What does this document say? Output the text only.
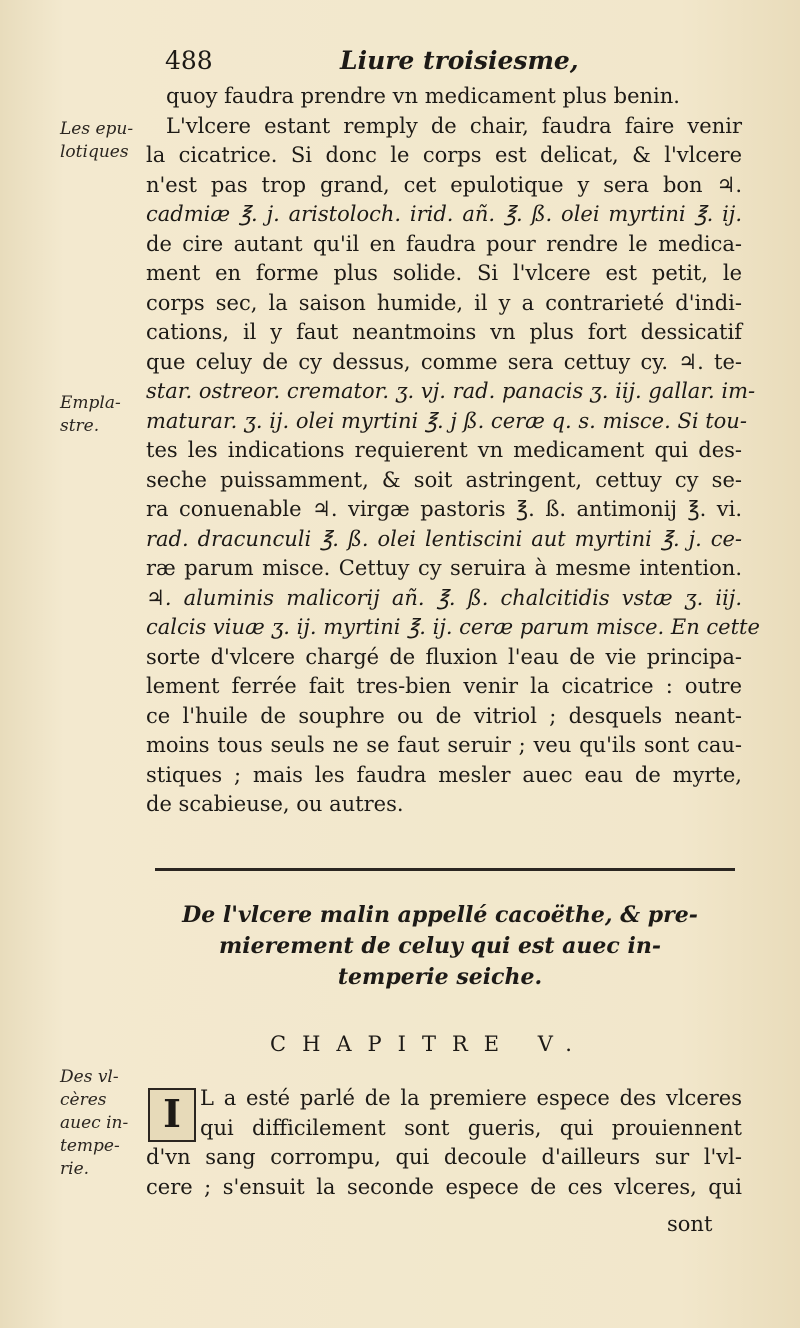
488	Liure troisiesme,
Les epu-
lotiques
Empla-
stre.
Des vl-
cères
auec in-
tempe-
rie.
quoy faudra prendre vn medicament plus benin.
L'vlcere estant remply de chair, faudra faire venir
la cicatrice. Si donc le corps est delicat, & l'vlcere
n'est pas trop grand, cet epulotique y sera bon ♃.
cadmiæ ℥. j. aristoloch. irid. añ. ℥. ß. olei myrtini ℥. ij.
de cire autant qu'il en faudra pour rendre le medica-
ment en forme plus solide. Si l'vlcere est petit, le
corps sec, la saison humide, il y a contrarieté d'indi-
cations, il y faut neantmoins vn plus fort dessicatif
que celuy de cy dessus, comme sera cettuy cy. ♃. te-
star. ostreor. cremator. ʒ. vj. rad. panacis ʒ. iij. gallar. im-
maturar. ʒ. ij. olei myrtini ℥. j ß. ceræ q. s. misce. Si tou-
tes les indications requierent vn medicament qui des-
seche puissamment, & soit astringent, cettuy cy se-
ra conuenable ♃. virgæ pastoris ℥. ß. antimonij ℥. vi.
rad. dracunculi ℥. ß. olei lentiscini aut myrtini ℥. j. ce-
ræ parum misce. Cettuy cy seruira à mesme intention.
♃. aluminis malicorij añ. ℥. ß. chalcitidis vstæ ʒ. iij.
calcis viuæ ʒ. ij. myrtini ℥. ij. ceræ parum misce. En cette
sorte d'vlcere chargé de fluxion l'eau de vie principa-
lement ferrée fait tres-bien venir la cicatrice : outre
ce l'huile de souphre ou de vitriol ; desquels neant-
moins tous seuls ne se faut seruir ; veu qu'ils sont cau-
stiques ; mais les faudra mesler auec eau de myrte,
de scabieuse, ou autres.
De l'vlcere malin appellé cacoëthe, & pre-
mierement de celuy qui est auec in-
temperie seiche.
CHAPITRE V.
I L a esté parlé de la premiere espece des vlceres
qui difficilement sont gueris, qui prouiennent
d'vn sang corrompu, qui decoule d'ailleurs sur l'vl-
cere ; s'ensuit la seconde espece de ces vlceres, qui
sont
